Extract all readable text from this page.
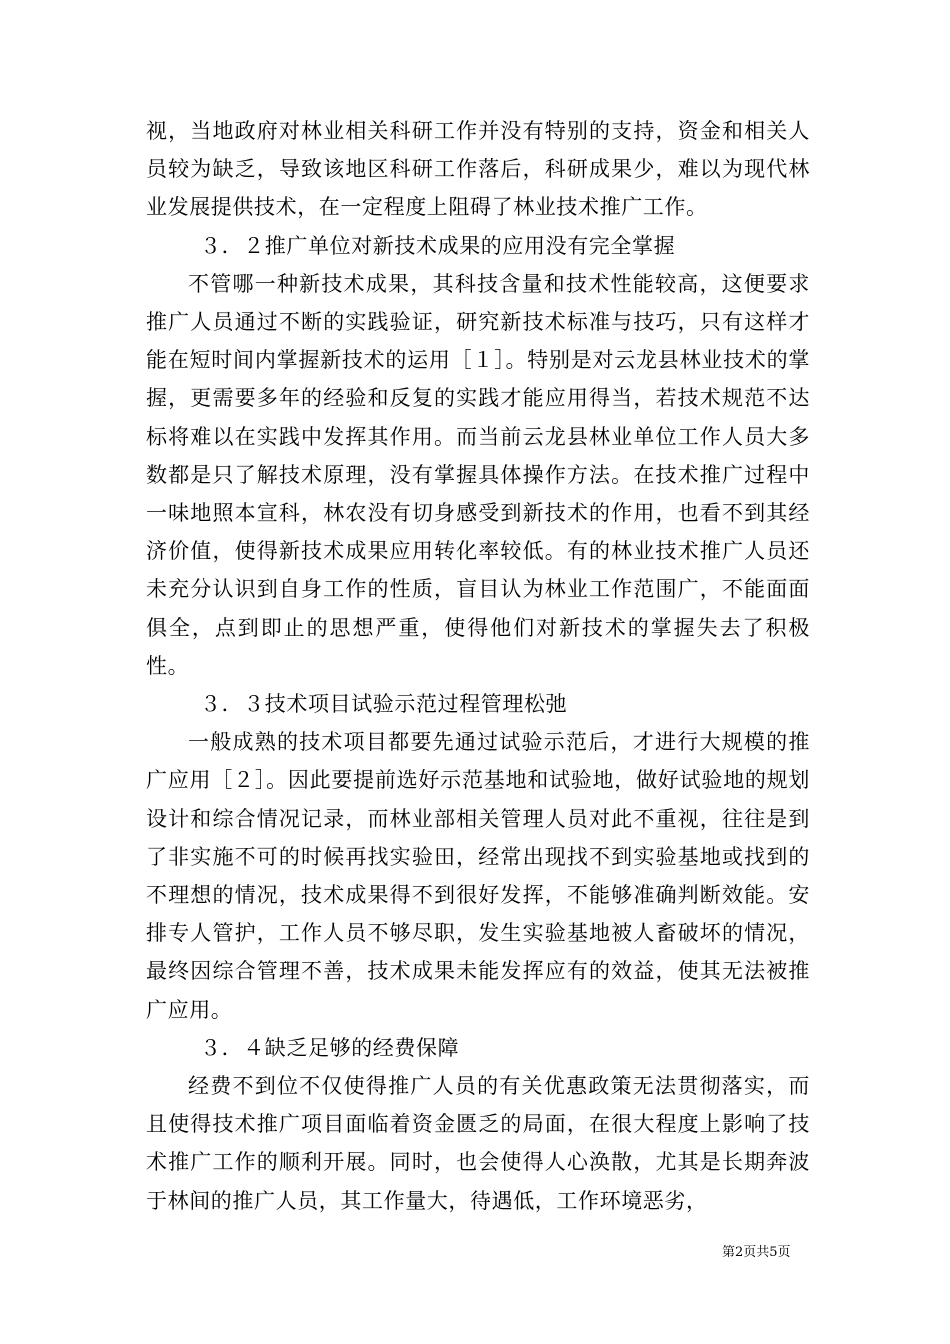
视，当地政府对林业相关科研工作并没有特别的支持，资金和相关人员较为缺乏，导致该地区科研工作落后，科研成果少，难以为现代林业发展提供技术，在一定程度上阻碍了林业技术推广工作。

３．２推广单位对新技术成果的应用没有完全掌握

不管哪一种新技术成果，其科技含量和技术性能较高，这便要求推广人员通过不断的实践验证，研究新技术标准与技巧，只有这样才能在短时间内掌握新技术的运用［１］。特别是对云龙县林业技术的掌握，更需要多年的经验和反复的实践才能应用得当，若技术规范不达标将难以在实践中发挥其作用。而当前云龙县林业单位工作人员大多数都是只了解技术原理，没有掌握具体操作方法。在技术推广过程中一味地照本宣科，林农没有切身感受到新技术的作用，也看不到其经济价值，使得新技术成果应用转化率较低。有的林业技术推广人员还未充分认识到自身工作的性质，盲目认为林业工作范围广，不能面面俱全，点到即止的思想严重，使得他们对新技术的掌握失去了积极性。

３．３技术项目试验示范过程管理松弛

一般成熟的技术项目都要先通过试验示范后，才进行大规模的推广应用［２］。因此要提前选好示范基地和试验地，做好试验地的规划设计和综合情况记录，而林业部相关管理人员对此不重视，往往是到了非实施不可的时候再找实验田，经常出现找不到实验基地或找到的不理想的情况，技术成果得不到很好发挥，不能够准确判断效能。安排专人管护，工作人员不够尽职，发生实验基地被人畜破坏的情况，最终因综合管理不善，技术成果未能发挥应有的效益，使其无法被推广应用。

３．４缺乏足够的经费保障

经费不到位不仅使得推广人员的有关优惠政策无法贯彻落实，而且使得技术推广项目面临着资金匮乏的局面，在很大程度上影响了技术推广工作的顺利开展。同时，也会使得人心涣散，尤其是长期奔波于林间的推广人员，其工作量大，待遇低，工作环境恶劣，

第2页共5页
